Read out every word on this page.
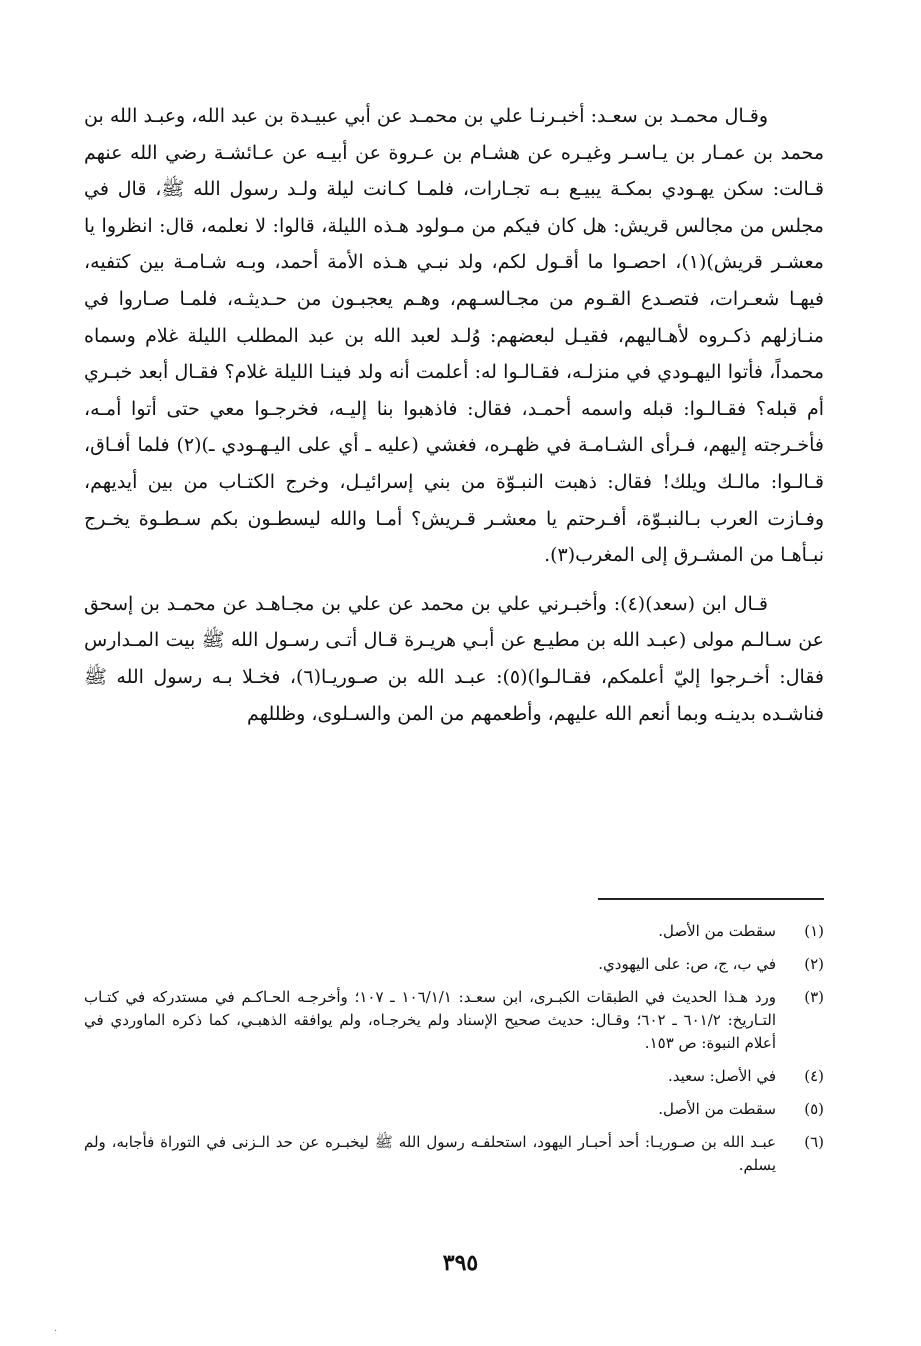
وقـال محمـد بن سعـد: أخبـرنـا علي بن محمـد عن أبي عبيـدة بن عبد الله، وعبـد الله بن محمد بن عمـار بن يـاسـر وغيـره عن هشـام بن عـروة عن أبيـه عن عـائشـة رضي الله عنهم قـالت: سكن يهـودي بمكـة يبيـع بـه تجـارات، فلمـا كـانت ليلة ولـد رسول الله ﷺ، قال في مجلس من مجالس قريش: هل كان فيكم من مـولود هـذه الليلة، قالوا: لا نعلمه، قال: انظروا يا معشـر قريش)(١)، احصـوا ما أقـول لكم، ولد نبـي هـذه الأمة أحمد، وبـه شـامـة بين كتفيه، فيهـا شعـرات، فتصـدع القـوم من مجـالسـهم، وهـم يعجبـون من حـديثـه، فلمـا صـاروا في منـازلهم ذكـروه لأهـاليهم، فقيـل لبعضهم: وُلـد لعبد الله بن عبد المطلب الليلة غلام وسماه محمداً، فأتوا اليهـودي في منزلـه، فقـالـوا له: أعلمت أنه ولد فينـا الليلة غلام؟ فقـال أبعد خبـري أم قبله؟ فقـالـوا: قبله واسمه أحمـد، فقال: فاذهبوا بنا إليـه، فخرجـوا معي حتى أتوا أمـه، فأخـرجته إليهم، فـرأى الشـامـة في ظهـره، فغشي (عليه ـ أي على اليـهـودي ـ)(٢) فلما أفـاق، قـالـوا: مالـك ويلك! فقال: ذهبت النبـوّة من بني إسرائيـل، وخرج الكتـاب من بين أيديهم، وفـازت العرب بـالنبـوّة، أفـرحتم يا معشـر قـريش؟ أمـا والله ليسطـون بكم سـطـوة يخـرج نبـأهـا من المشـرق إلى المغرب(٣).

قـال ابن (سعد)(٤): وأخبـرني علي بن محمد عن علي بن مجـاهـد عن محمـد بن إسحق عن سـالـم مولى (عبـد الله بن مطيـع عن أبـي هريـرة قـال أتـى رسـول الله ﷺ بيت المـدارس فقال: أخـرجوا إليّ أعلمكم، فقـالـوا)(٥): عبـد الله بن صـوريـا(٦)، فخـلا بـه رسول الله ﷺ فناشـده بدينـه وبما أنعم الله عليهم، وأطعمهم من المن والسـلوى، وظللهم

(١)
سقطت من الأصل.
(٢)
في ب، ج، ص: على اليهودي.
(٣)
ورد هـذا الحديث في الطبقات الكبـرى، ابن سعـد: ١٠٦/١/١ ـ ١٠٧؛ وأخرجـه الحـاكـم في مستدركه في كتـاب التـاريخ: ٦٠١/٢ ـ ٦٠٢؛ وقـال: حديث صحيح الإسناد ولم يخرجـاه، ولم يوافقه الذهبـي، كما ذكره الماوردي في أعلام النبوة: ص ١٥٣.
(٤)
في الأصل: سعيد.
(٥)
سقطت من الأصل.
(٦)
عبـد الله بن صـوريـا: أحد أحبـار اليهود، استحلفـه رسول الله ﷺ ليخبـره عن حد الـزنى في التوراة فأجابه، ولم يسلم.
٣٩٥
·
